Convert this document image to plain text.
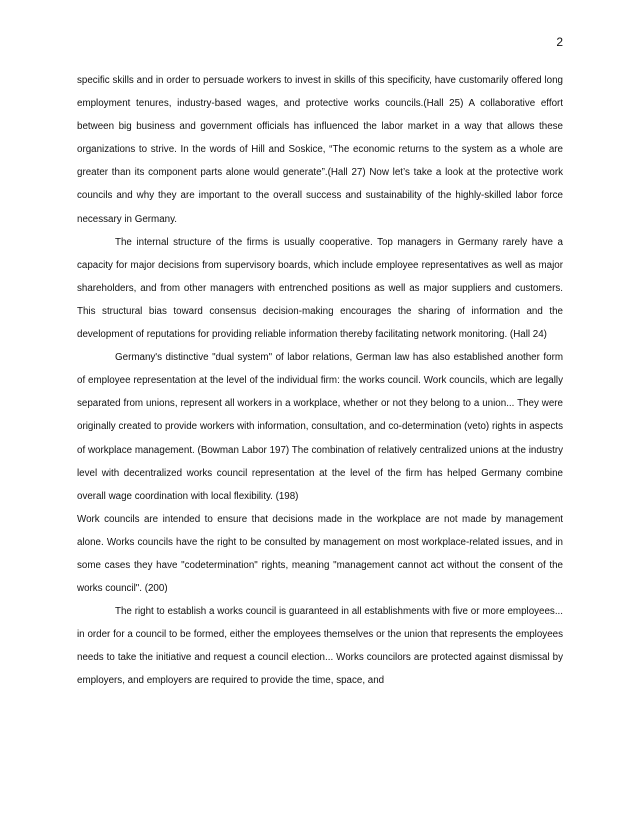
2

specific skills and in order to persuade workers to invest in skills of this specificity, have customarily offered long employment tenures, industry-based wages, and protective works councils.(Hall 25) A collaborative effort between big business and government officials has influenced the labor market in a way that allows these organizations to strive. In the words of Hill and Soskice, “The economic returns to the system as a whole are greater than its component parts alone would generate”.(Hall 27) Now let’s take a look at the protective work councils and why they are important to the overall success and sustainability of the highly-skilled labor force necessary in Germany.

The internal structure of the firms is usually cooperative. Top managers in Germany rarely have a capacity for major decisions from supervisory boards, which include employee representatives as well as major shareholders, and from other managers with entrenched positions as well as major suppliers and customers. This structural bias toward consensus decision-making encourages the sharing of information and the development of reputations for providing reliable information thereby facilitating network monitoring. (Hall 24)

Germany's distinctive "dual system" of labor relations, German law has also established another form of employee representation at the level of the individual firm: the works council. Work councils, which are legally separated from unions, represent all workers in a workplace, whether or not they belong to a union... They were originally created to provide workers with information, consultation, and co-determination (veto) rights in aspects of workplace management. (Bowman Labor 197) The combination of relatively centralized unions at the industry level with decentralized works council representation at the level of the firm has helped Germany combine overall wage coordination with local flexibility. (198)

Work councils are intended to ensure that decisions made in the workplace are not made by management alone. Works councils have the right to be consulted by management on most workplace-related issues, and in some cases they have "codetermination" rights, meaning "management cannot act without the consent of the works council". (200)

The right to establish a works council is guaranteed in all establishments with five or more employees... in order for a council to be formed, either the employees themselves or the union that represents the employees needs to take the initiative and request a council election... Works councilors are protected against dismissal by employers, and employers are required to provide the time, space, and
